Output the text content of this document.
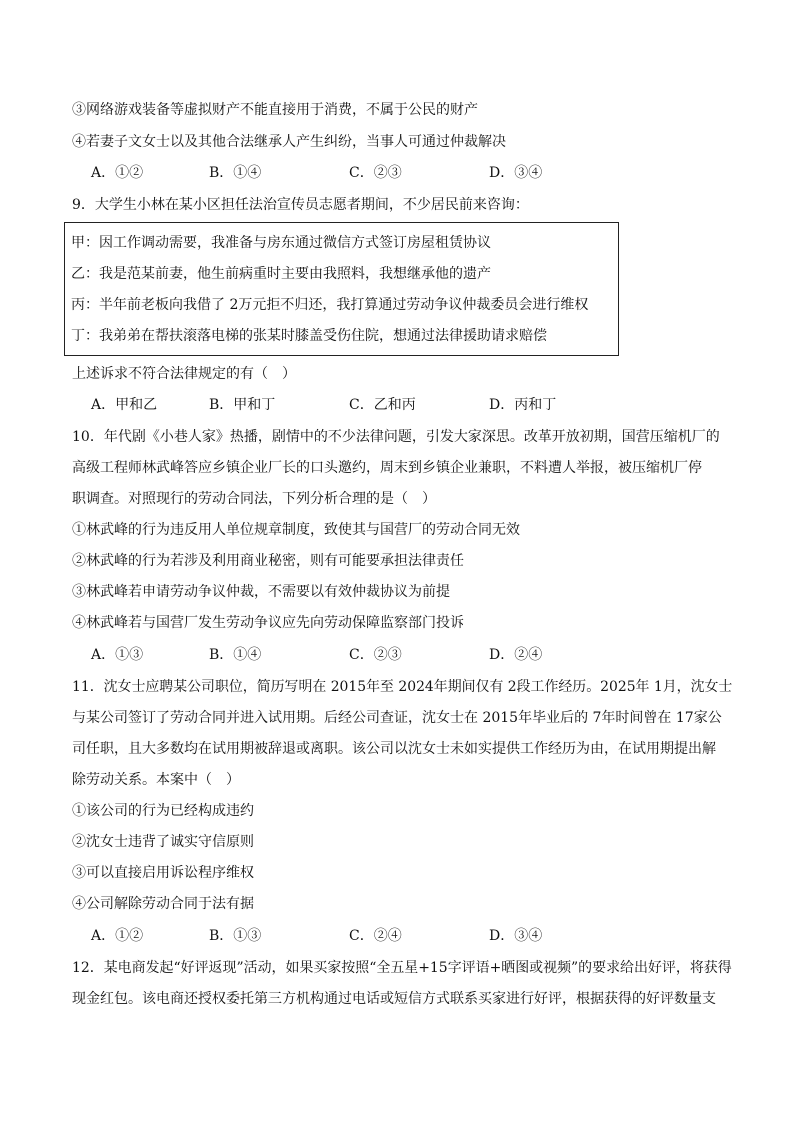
③网络游戏装备等虚拟财产不能直接用于消费，不属于公民的财产
④若妻子文女士以及其他合法继承人产生纠纷，当事人可通过仲裁解决
A．①②	B．①④	C．②③	D．③④
9．大学生小林在某小区担任法治宣传员志愿者期间，不少居民前来咨询：
甲：因工作调动需要，我准备与房东通过微信方式签订房屋租赁协议
乙：我是范某前妻，他生前病重时主要由我照料，我想继承他的遗产
丙：半年前老板向我借了 2万元拒不归还，我打算通过劳动争议仲裁委员会进行维权
丁：我弟弟在帮扶滚落电梯的张某时膝盖受伤住院，想通过法律援助请求赔偿
上述诉求不符合法律规定的有（　）
A．甲和乙	B．甲和丁	C．乙和丙	D．丙和丁
10．年代剧《小巷人家》热播，剧情中的不少法律问题，引发大家深思。改革开放初期，国营压缩机厂的
高级工程师林武峰答应乡镇企业厂长的口头邀约，周末到乡镇企业兼职，不料遭人举报，被压缩机厂停
职调查。对照现行的劳动合同法，下列分析合理的是（　）
①林武峰的行为违反用人单位规章制度，致使其与国营厂的劳动合同无效
②林武峰的行为若涉及利用商业秘密，则有可能要承担法律责任
③林武峰若申请劳动争议仲裁，不需要以有效仲裁协议为前提
④林武峰若与国营厂发生劳动争议应先向劳动保障监察部门投诉
A．①③	B．①④	C．②③	D．②④
11．沈女士应聘某公司职位，简历写明在 2015年至 2024年期间仅有 2段工作经历。2025年 1月，沈女士
与某公司签订了劳动合同并进入试用期。后经公司查证，沈女士在 2015年毕业后的 7年时间曾在 17家公
司任职，且大多数均在试用期被辞退或离职。该公司以沈女士未如实提供工作经历为由，在试用期提出解
除劳动关系。本案中（　）
①该公司的行为已经构成违约
②沈女士违背了诚实守信原则
③可以直接启用诉讼程序维权
④公司解除劳动合同于法有据
A．①②	B．①③	C．②④	D．③④
12．某电商发起“好评返现”活动，如果买家按照“全五星+15字评语+晒图或视频”的要求给出好评，将获得
现金红包。该电商还授权委托第三方机构通过电话或短信方式联系买家进行好评，根据获得的好评数量支
